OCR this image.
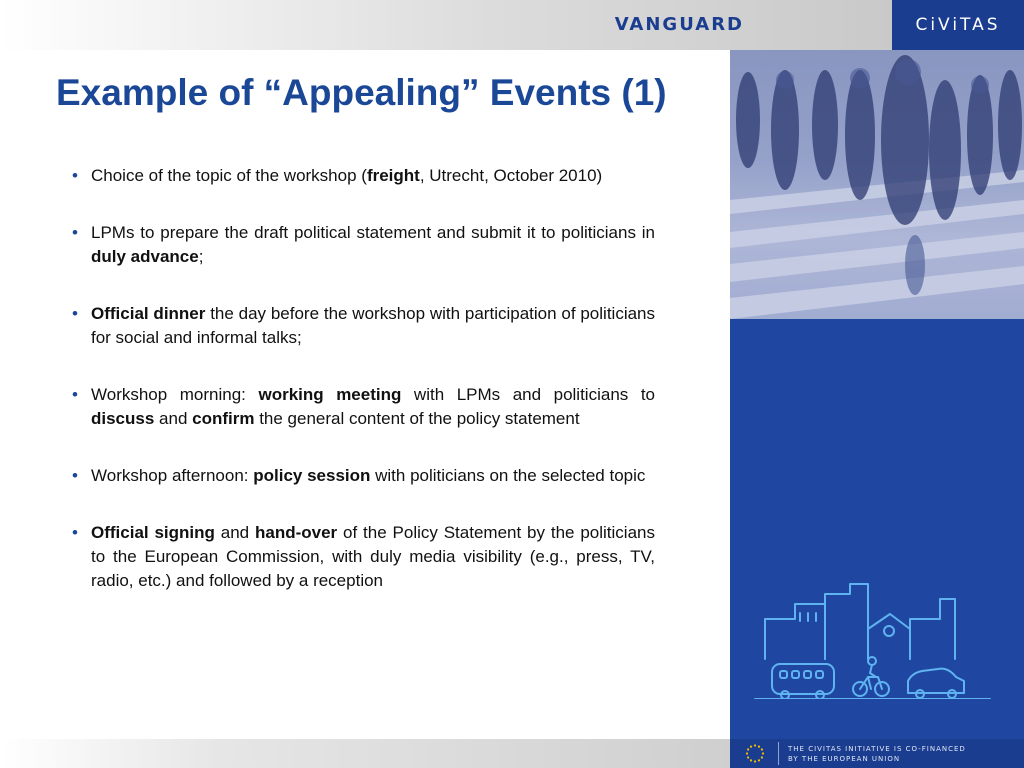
VANGUARD	CiViTAS
Example of “Appealing” Events (1)
• Choice of the topic of the workshop (freight, Utrecht, October 2010)
• LPMs to prepare the draft political statement and submit it to politicians in duly advance;
• Official dinner the day before the workshop with participation of politicians for social and informal talks;
• Workshop morning: working meeting with LPMs and politicians to discuss and confirm the general content of the policy statement
• Workshop afternoon: policy session with politicians on the selected topic
• Official signing and hand-over of the Policy Statement by the politicians to the European Commission, with duly media visibility (e.g., press, TV, radio, etc.) and followed by a reception

THE CIVITAS INITIATIVE IS CO-FINANCED

BY THE EUROPEAN UNION
